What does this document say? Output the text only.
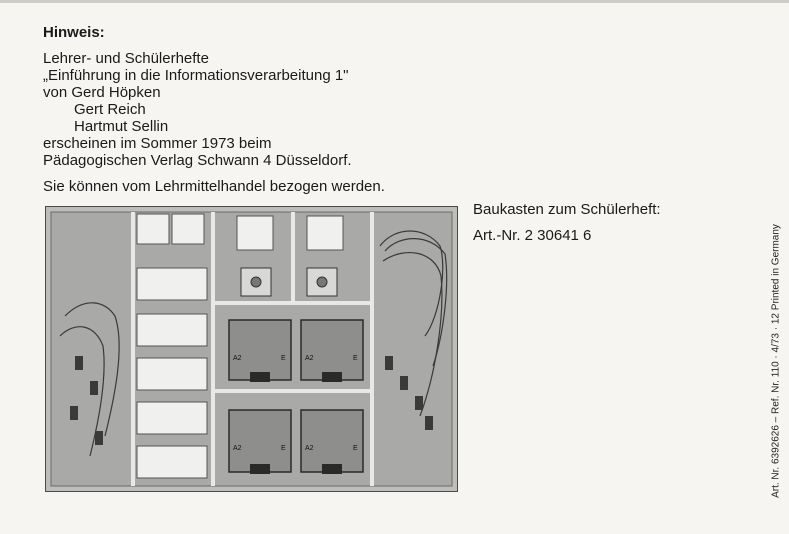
Hinweis:
Lehrer- und Schülerhefte
„Einführung in die Informationsverarbeitung 1"
von Gerd Höpken
Gert Reich
Hartmut Sellin
erscheinen im Sommer 1973 beim
Pädagogischen Verlag Schwann 4 Düsseldorf.
Sie können vom Lehrmittelhandel bezogen werden.
Baukasten zum Schülerheft:
Art.-Nr. 2 30641 6	Art. Nr. 6392626 – Ref. Nr. 110 · 4/73 · 12 Printed in Germany
A2	E	A2	E
A2	E	A2	E
